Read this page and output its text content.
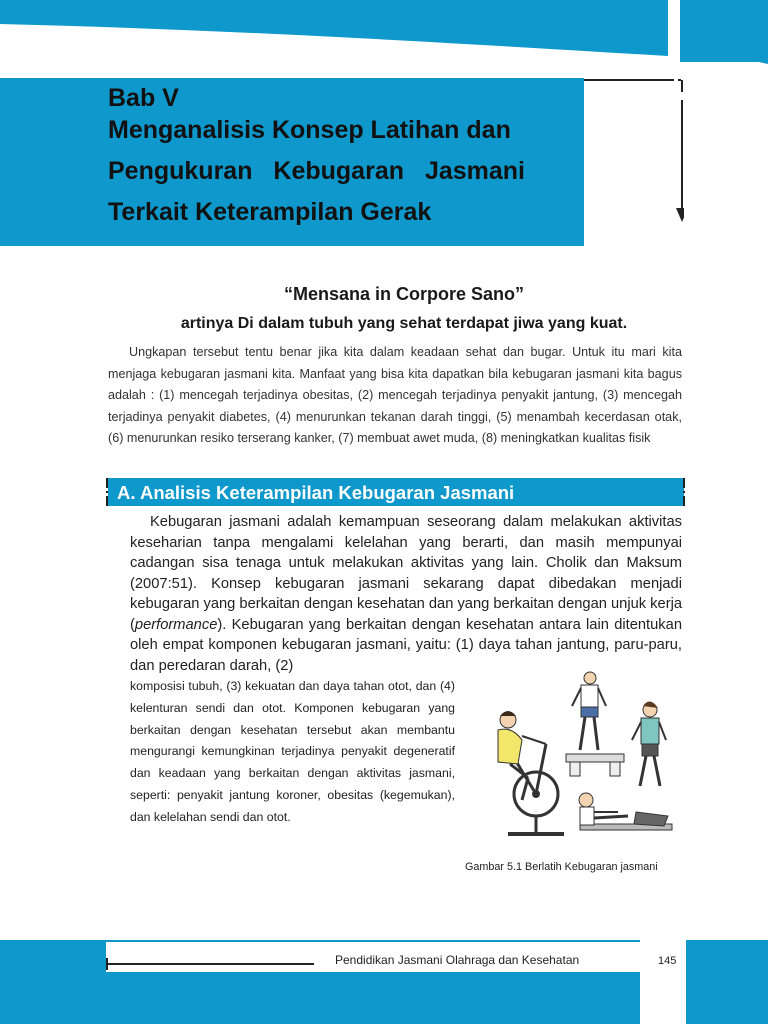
Bab V
Menganalisis Konsep Latihan dan
Pengukuran Kebugaran Jasmani
Terkait Keterampilan Gerak
“Mensana in Corpore Sano”
artinya Di dalam tubuh yang sehat terdapat jiwa yang kuat.

Ungkapan tersebut tentu benar jika kita dalam keadaan sehat dan bugar. Untuk itu mari kita menjaga kebugaran jasmani kita. Manfaat yang bisa kita dapatkan bila kebugaran jasmani kita bagus adalah : (1) mencegah terjadinya obesitas, (2) mencegah terjadinya penyakit jantung, (3) mencegah terjadinya penyakit diabetes, (4) menurunkan tekanan darah tinggi, (5) menambah kecerdasan otak, (6) menurunkan resiko terserang kanker, (7) membuat awet muda, (8) meningkatkan kualitas fisik

A. Analisis Keterampilan Kebugaran Jasmani

Kebugaran jasmani adalah kemampuan seseorang dalam melakukan aktivitas keseharian tanpa mengalami kelelahan yang berarti, dan masih mempunyai cadangan sisa tenaga untuk melakukan aktivitas yang lain. Cholik dan Maksum (2007:51). Konsep kebugaran jasmani sekarang dapat dibedakan menjadi kebugaran yang berkaitan dengan kesehatan dan yang berkaitan dengan unjuk kerja (performance). Kebugaran yang berkaitan dengan kesehatan antara lain ditentukan oleh empat komponen kebugaran jasmani, yaitu: (1) daya tahan jantung, paru-paru, dan peredaran darah, (2)

komposisi tubuh, (3) kekuatan dan daya tahan otot, dan (4) kelenturan sendi dan otot. Komponen kebugaran yang berkaitan dengan kesehatan tersebut akan membantu mengurangi kemungkinan terjadinya penyakit degeneratif dan keadaan yang berkaitan dengan aktivitas jasmani, seperti: penyakit jantung koroner, obesitas (kegemukan), dan kelelahan sendi dan otot.

Gambar 5.1 Berlatih Kebugaran jasmani
Pendidikan Jasmani Olahraga dan Kesehatan	145
